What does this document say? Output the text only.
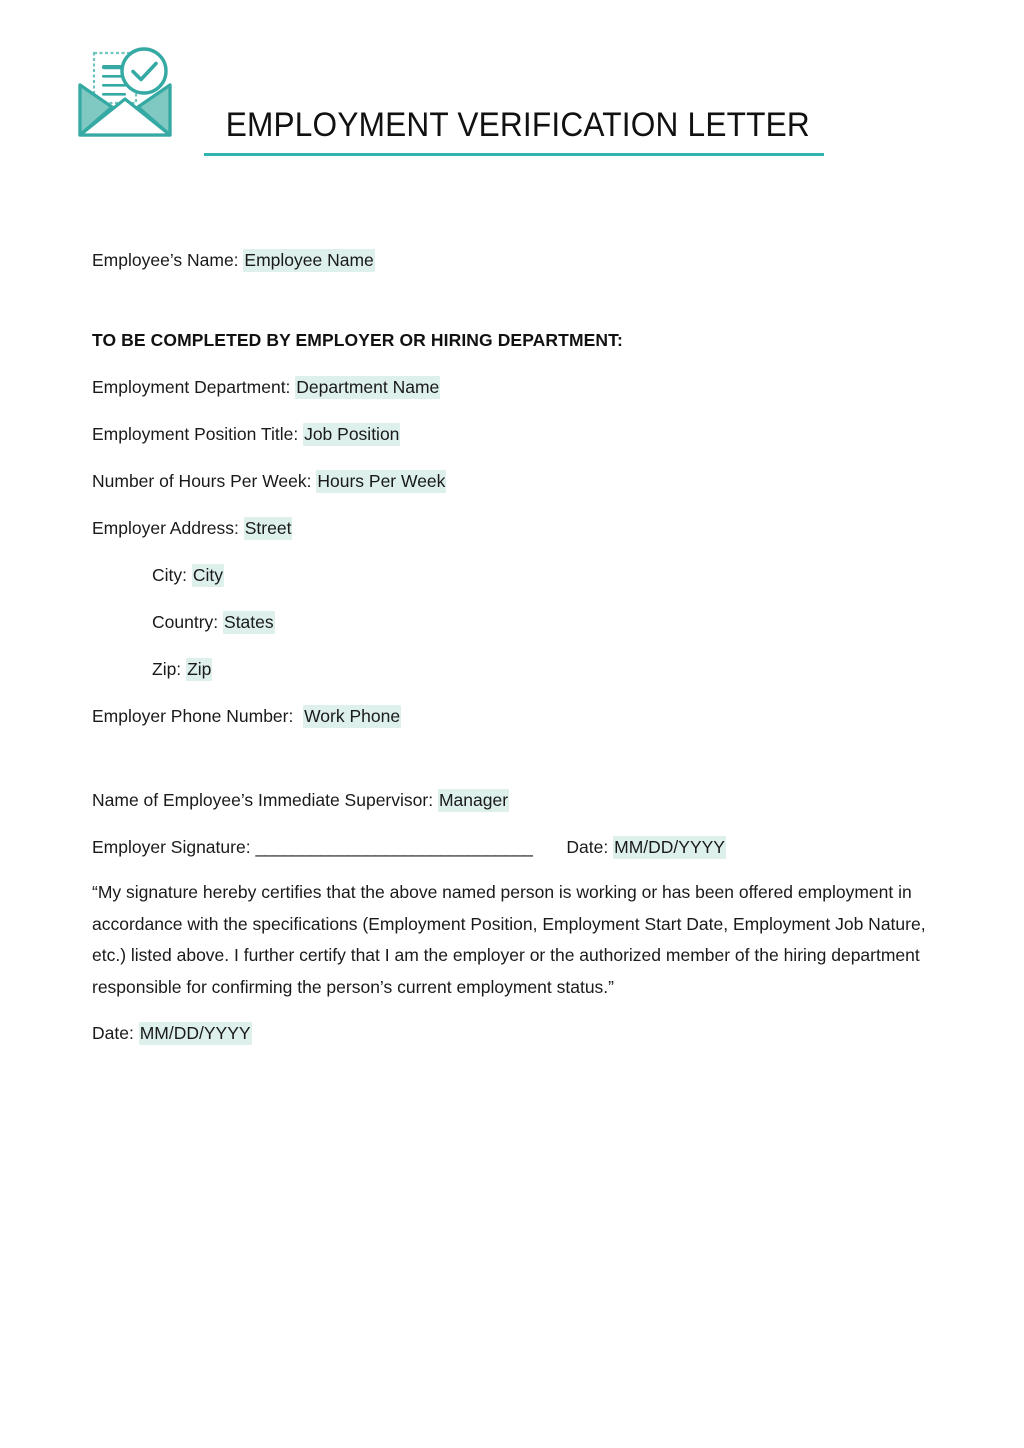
EMPLOYMENT VERIFICATION LETTER
Employee’s Name: Employee Name
TO BE COMPLETED BY EMPLOYER OR HIRING DEPARTMENT:
Employment Department: Department Name
Employment Position Title: Job Position
Number of Hours Per Week: Hours Per Week
Employer Address: Street
City: City
Country: States
Zip: Zip
Employer Phone Number:  Work Phone
Name of Employee’s Immediate Supervisor: Manager
Employer Signature: ______________________________ Date: MM/DD/YYYY
“My signature hereby certifies that the above named person is working or has been offered employment in accordance with the specifications (Employment Position, Employment Start Date, Employment Job Nature, etc.) listed above. I further certify that I am the employer or the authorized member of the hiring department responsible for confirming the person’s current employment status.”
Date: MM/DD/YYYY
